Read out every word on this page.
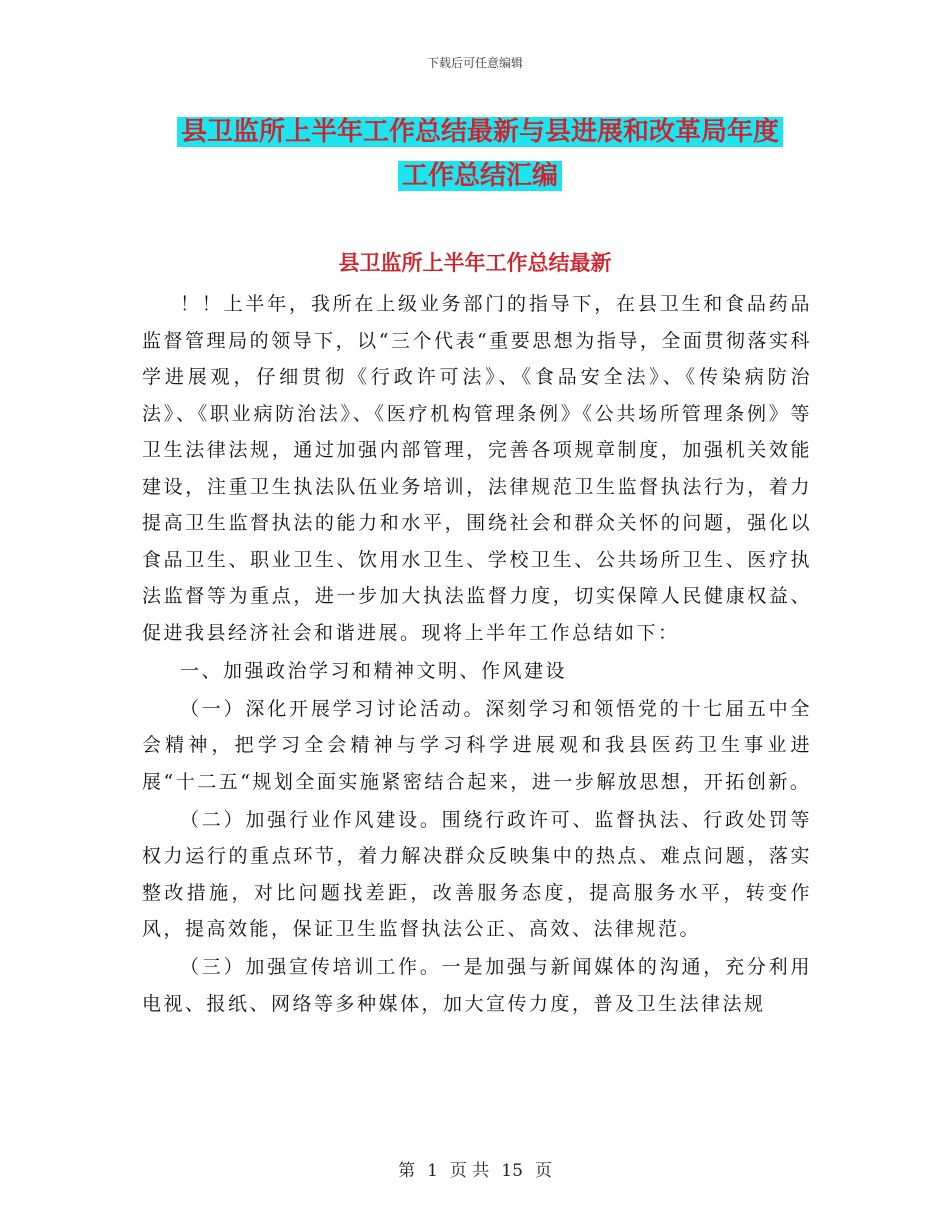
下载后可任意编辑
县卫监所上半年工作总结最新与县进展和改革局年度
工作总结汇编
县卫监所上半年工作总结最新

！！上半年，我所在上级业务部门的指导下，在县卫生和食品药品监督管理局的领导下，以“三个代表“重要思想为指导，全面贯彻落实科学进展观，仔细贯彻《行政许可法》、《食品安全法》、《传染病防治法》、《职业病防治法》、《医疗机构管理条例》《公共场所管理条例》等卫生法律法规，通过加强内部管理，完善各项规章制度，加强机关效能建设，注重卫生执法队伍业务培训，法律规范卫生监督执法行为，着力提高卫生监督执法的能力和水平，围绕社会和群众关怀的问题，强化以食品卫生、职业卫生、饮用水卫生、学校卫生、公共场所卫生、医疗执法监督等为重点，进一步加大执法监督力度，切实保障人民健康权益、促进我县经济社会和谐进展。现将上半年工作总结如下：

一、加强政治学习和精神文明、作风建设

（一）深化开展学习讨论活动。深刻学习和领悟党的十七届五中全会精神，把学习全会精神与学习科学进展观和我县医药卫生事业进展“十二五“规划全面实施紧密结合起来，进一步解放思想，开拓创新。

（二）加强行业作风建设。围绕行政许可、监督执法、行政处罚等权力运行的重点环节，着力解决群众反映集中的热点、难点问题，落实整改措施，对比问题找差距，改善服务态度，提高服务水平，转变作风，提高效能，保证卫生监督执法公正、高效、法律规范。

（三）加强宣传培训工作。一是加强与新闻媒体的沟通，充分利用电视、报纸、网络等多种媒体，加大宣传力度，普及卫生法律法规

第 1 页 共 15 页
